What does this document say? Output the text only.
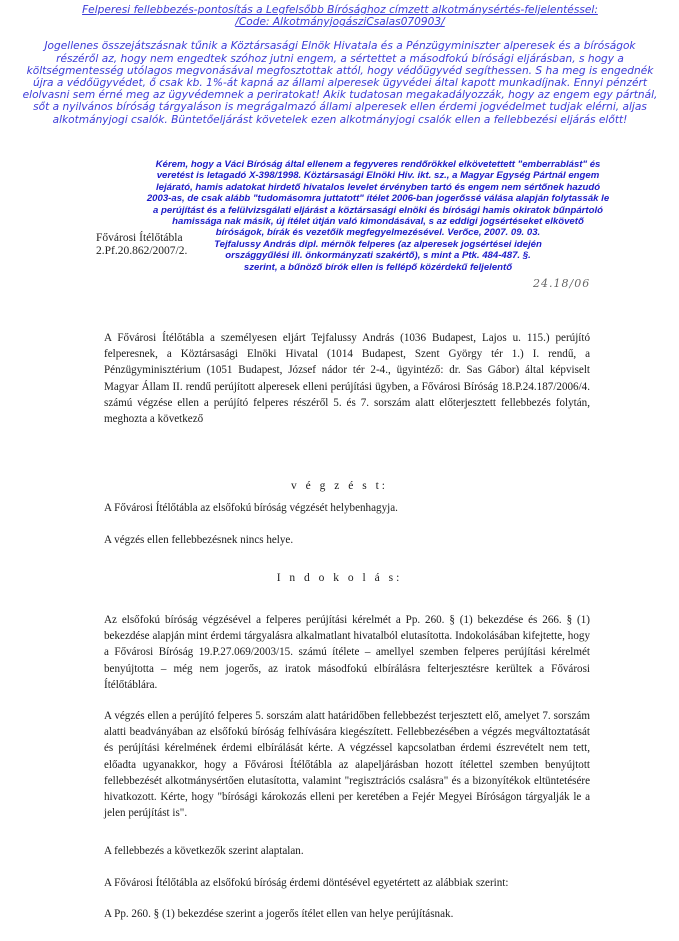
Felperesi fellebbezés-pontosítás a Legfelsőbb Bírósághoz címzett alkotmánysértés-feljelentéssel:
/Code: AlkotmányjogásziCsalas070903/
Jogellenes összejátszásnak tűnik a Köztársasági Elnök Hivatala és a Pénzügyminiszter alperesek és a bíróságok részéről az, hogy nem engedtek szóhoz jutni engem, a sértettet a másodfokú bírósági eljárásban, s hogy a költségmentesség utólagos megvonásával megfosztottak attól, hogy védőügyvéd segíthessen. S ha meg is engednék újra a védőügyvédet, ő csak kb. 1%-át kapná az állami alperesek ügyvédei által kapott munkadíjnak. Ennyi pénzért elolvasni sem érné meg az ügyvédemnek a periratokat! Akik tudatosan megakadályozzák, hogy az engem egy pártnál, sőt a nyilvános bíróság tárgyaláson is megrágalmazó állami alperesek ellen érdemi jogvédelmet tudjak elérni, aljas alkotmányjogi csalók. Büntetőeljárást követelek ezen alkotmányjogi csalók ellen a fellebbezési eljárás előtt!
Kérem, hogy a Váci Bíróság által ellenem a fegyveres rendőrökkel elkövetettett "emberrablást" és
veretést is letagadó X-398/1998. Köztársasági Elnöki Hiv. ikt. sz., a Magyar Egység Pártnál engem
lejárató, hamis adatokat hirdető hivatalos levelet érvényben tartó és engem nem sértőnek hazudó
2003-as, de csak alább "tudomásomra juttatott" ítélet 2006-ban jogerőssé válása alapján folytassák le
a perújítást és a felülvizsgálati eljárást a köztársasági elnöki és bírósági hamis okiratok bűnpártoló
hamissága nak másik, új ítélet útján való kimondásával, s az eddigi jogsértéseket elkövető
bíróságok, bírák és vezetőik megfegyelmezésével. Verőce, 2007. 09. 03.
Tejfalussy András dipl. mérnök felperes (az alperesek jogsértései idején
országgyűlési ill. önkormányzati szakértő), s mint a Ptk. 484-487. §.
szerint, a bűnöző bírók ellen is fellépő közérdekű feljelentő
Fővárosi Ítélőtábla
2.Pf.20.862/2007/2.
24.18/06
A Fővárosi Ítélőtábla a személyesen eljárt Tejfalussy András (1036 Budapest, Lajos u. 115.) perújító felperesnek, a Köztársasági Elnöki Hivatal (1014 Budapest, Szent György tér 1.) I. rendű, a Pénzügyminisztérium (1051 Budapest, József nádor tér 2-4., ügyintéző: dr. Sas Gábor) által képviselt Magyar Állam II. rendű perújított alperesek elleni perújítási ügyben, a Fővárosi Bíróság 18.P.24.187/2006/4. számú végzése ellen a perújító felperes részéről 5. és 7. sorszám alatt előterjesztett fellebbezés folytán, meghozta a következő
v é g z é s t:
A Fővárosi Ítélőtábla az elsőfokú bíróság végzését helybenhagyja.
A végzés ellen fellebbezésnek nincs helye.
I n d o k o l á s:
Az elsőfokú bíróság végzésével a felperes perújítási kérelmét a Pp. 260. § (1) bekezdése és 266. § (1) bekezdése alapján mint érdemi tárgyalásra alkalmatlant hivatalból elutasította. Indokolásában kifejtette, hogy a Fővárosi Bíróság 19.P.27.069/2003/15. számú ítélete – amellyel szemben felperes perújítási kérelmét benyújtotta – még nem jogerős, az iratok másodfokú elbírálásra felterjesztésre kerültek a Fővárosi Ítélőtáblára.
A végzés ellen a perújító felperes 5. sorszám alatt határidőben fellebbezést terjesztett elő, amelyet 7. sorszám alatti beadványában az elsőfokú bíróság felhívására kiegészített. Fellebbezésében a végzés megváltoztatását és perújítási kérelmének érdemi elbírálását kérte. A végzéssel kapcsolatban érdemi észrevételt nem tett, előadta ugyanakkor, hogy a Fővárosi Ítélőtábla az alapeljárásban hozott ítélettel szemben benyújtott fellebbezését alkotmánysértően elutasította, valamint "regisztrációs csalásra" és a bizonyítékok eltüntetésére hivatkozott. Kérte, hogy "bírósági károkozás elleni per keretében a Fejér Megyei Bíróságon tárgyalják le a jelen perújítást is".
A fellebbezés a következők szerint alaptalan.
A Fővárosi Ítélőtábla az elsőfokú bíróság érdemi döntésével egyetértett az alábbiak szerint:
A Pp. 260. § (1) bekezdése szerint a jogerős ítélet ellen van helye perújításnak.
